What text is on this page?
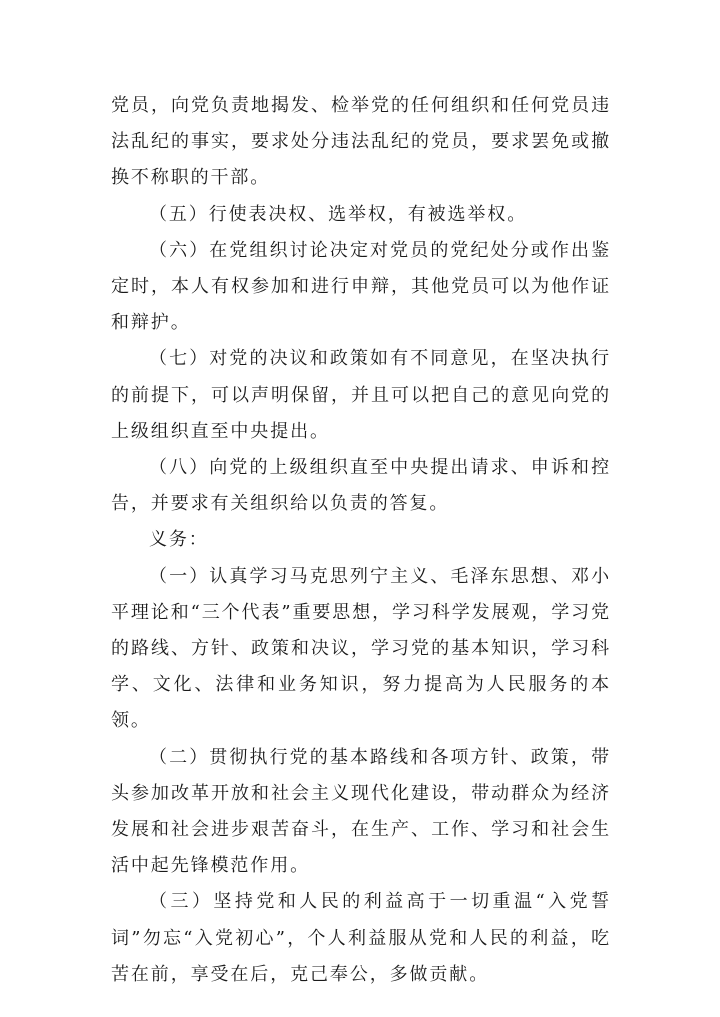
党员，向党负责地揭发、检举党的任何组织和任何党员违法乱纪的事实，要求处分违法乱纪的党员，要求罢免或撤换不称职的干部。

（五）行使表决权、选举权，有被选举权。

（六）在党组织讨论决定对党员的党纪处分或作出鉴定时，本人有权参加和进行申辩，其他党员可以为他作证和辩护。

（七）对党的决议和政策如有不同意见，在坚决执行的前提下，可以声明保留，并且可以把自己的意见向党的上级组织直至中央提出。

（八）向党的上级组织直至中央提出请求、申诉和控告，并要求有关组织给以负责的答复。

义务：

（一）认真学习马克思列宁主义、毛泽东思想、邓小平理论和“三个代表”重要思想，学习科学发展观，学习党的路线、方针、政策和决议，学习党的基本知识，学习科学、文化、法律和业务知识，努力提高为人民服务的本领。

（二）贯彻执行党的基本路线和各项方针、政策，带头参加改革开放和社会主义现代化建设，带动群众为经济发展和社会进步艰苦奋斗，在生产、工作、学习和社会生活中起先锋模范作用。

（三）坚持党和人民的利益高于一切重温“入党誓词”勿忘“入党初心”，个人利益服从党和人民的利益，吃苦在前，享受在后，克己奉公，多做贡献。
